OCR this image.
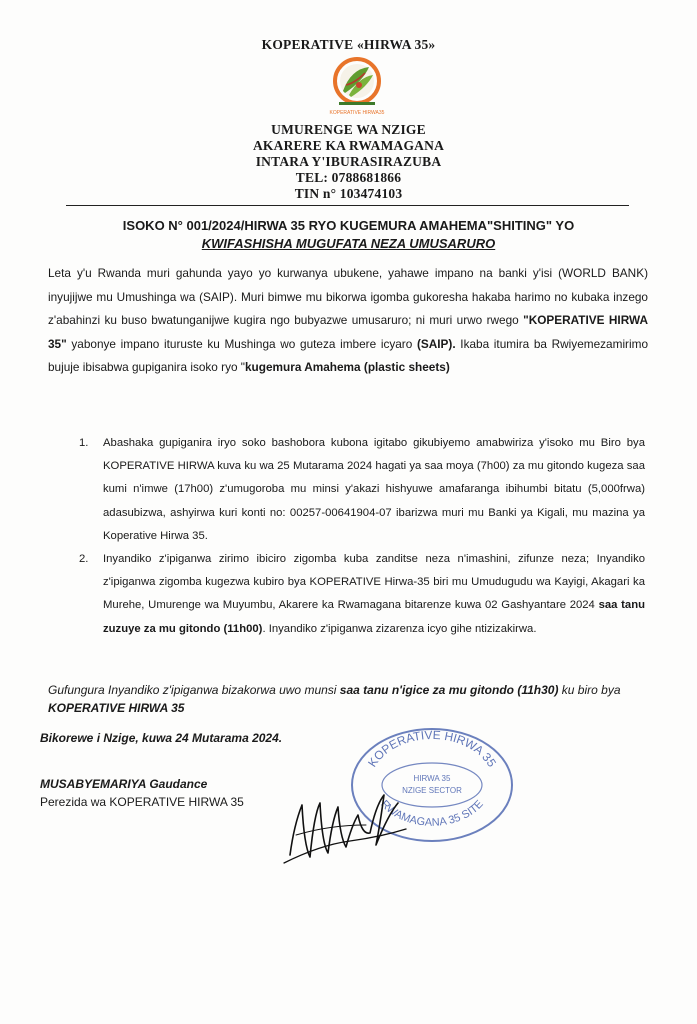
KOPERATIVE «HIRWA 35»
KOPERATIVE HIRWA35
UMURENGE WA NZIGE
AKARERE KA RWAMAGANA
INTARA Y'IBURASIRAZUBA
TEL: 0788681866
TIN n° 103474103
ISOKO N° 001/2024/HIRWA 35 RYO KUGEMURA AMAHEMA"SHITING" YO
KWIFASHISHA MUGUFATA NEZA UMUSARURO
Leta y'u Rwanda muri gahunda yayo yo kurwanya ubukene, yahawe impano na banki y'isi (WORLD BANK) inyujijwe mu Umushinga wa (SAIP). Muri bimwe mu bikorwa igomba gukoresha hakaba harimo no kubaka inzego z'abahinzi ku buso bwatunganijwe kugira ngo bubyazwe umusaruro; ni muri urwo rwego "KOPERATIVE HIRWA 35" yabonye impano ituruste ku Mushinga wo guteza imbere icyaro (SAIP). Ikaba itumira ba Rwiyemezamirimo bujuje ibisabwa gupiganira isoko ryo "kugemura Amahema (plastic sheets)
1. Abashaka gupiganira iryo soko bashobora kubona igitabo gikubiyemo amabwiriza y'isoko mu Biro bya KOPERATIVE HIRWA kuva ku wa 25 Mutarama 2024 hagati ya saa moya (7h00) za mu gitondo kugeza saa kumi n'imwe (17h00) z'umugoroba mu minsi y'akazi hishyuwe amafaranga ibihumbi bitatu (5,000frwa) adasubizwa, ashyirwa kuri konti no: 00257-00641904-07 ibarizwa muri mu Banki ya Kigali, mu mazina ya Koperative Hirwa 35.
2. Inyandiko z'ipiganwa zirimo ibiciro zigomba kuba zanditse neza n'imashini, zifunze neza; Inyandiko z'ipiganwa zigomba kugezwa kubiro bya KOPERATIVE Hirwa-35 biri mu Umudugudu wa Kayigi, Akagari ka Murehe, Umurenge wa Muyumbu, Akarere ka Rwamagana bitarenze kuwa 02 Gashyantare 2024 saa tanu zuzuye za mu gitondo (11h00). Inyandiko z'ipiganwa zizarenza icyo gihe ntizizakirwa.
Gufungura Inyandiko z'ipiganwa bizakorwa uwo munsi saa tanu n'igice za mu gitondo (11h30) ku biro bya KOPERATIVE HIRWA 35
Bikorewe i Nzige, kuwa 24 Mutarama 2024.
MUSABYEMARIYA Gaudance
Perezida wa KOPERATIVE HIRWA 35
KOPERATIVE HIRWA 35
RWAMAGANA 35 SITE
HIRWA 35
NZIGE SECTOR
